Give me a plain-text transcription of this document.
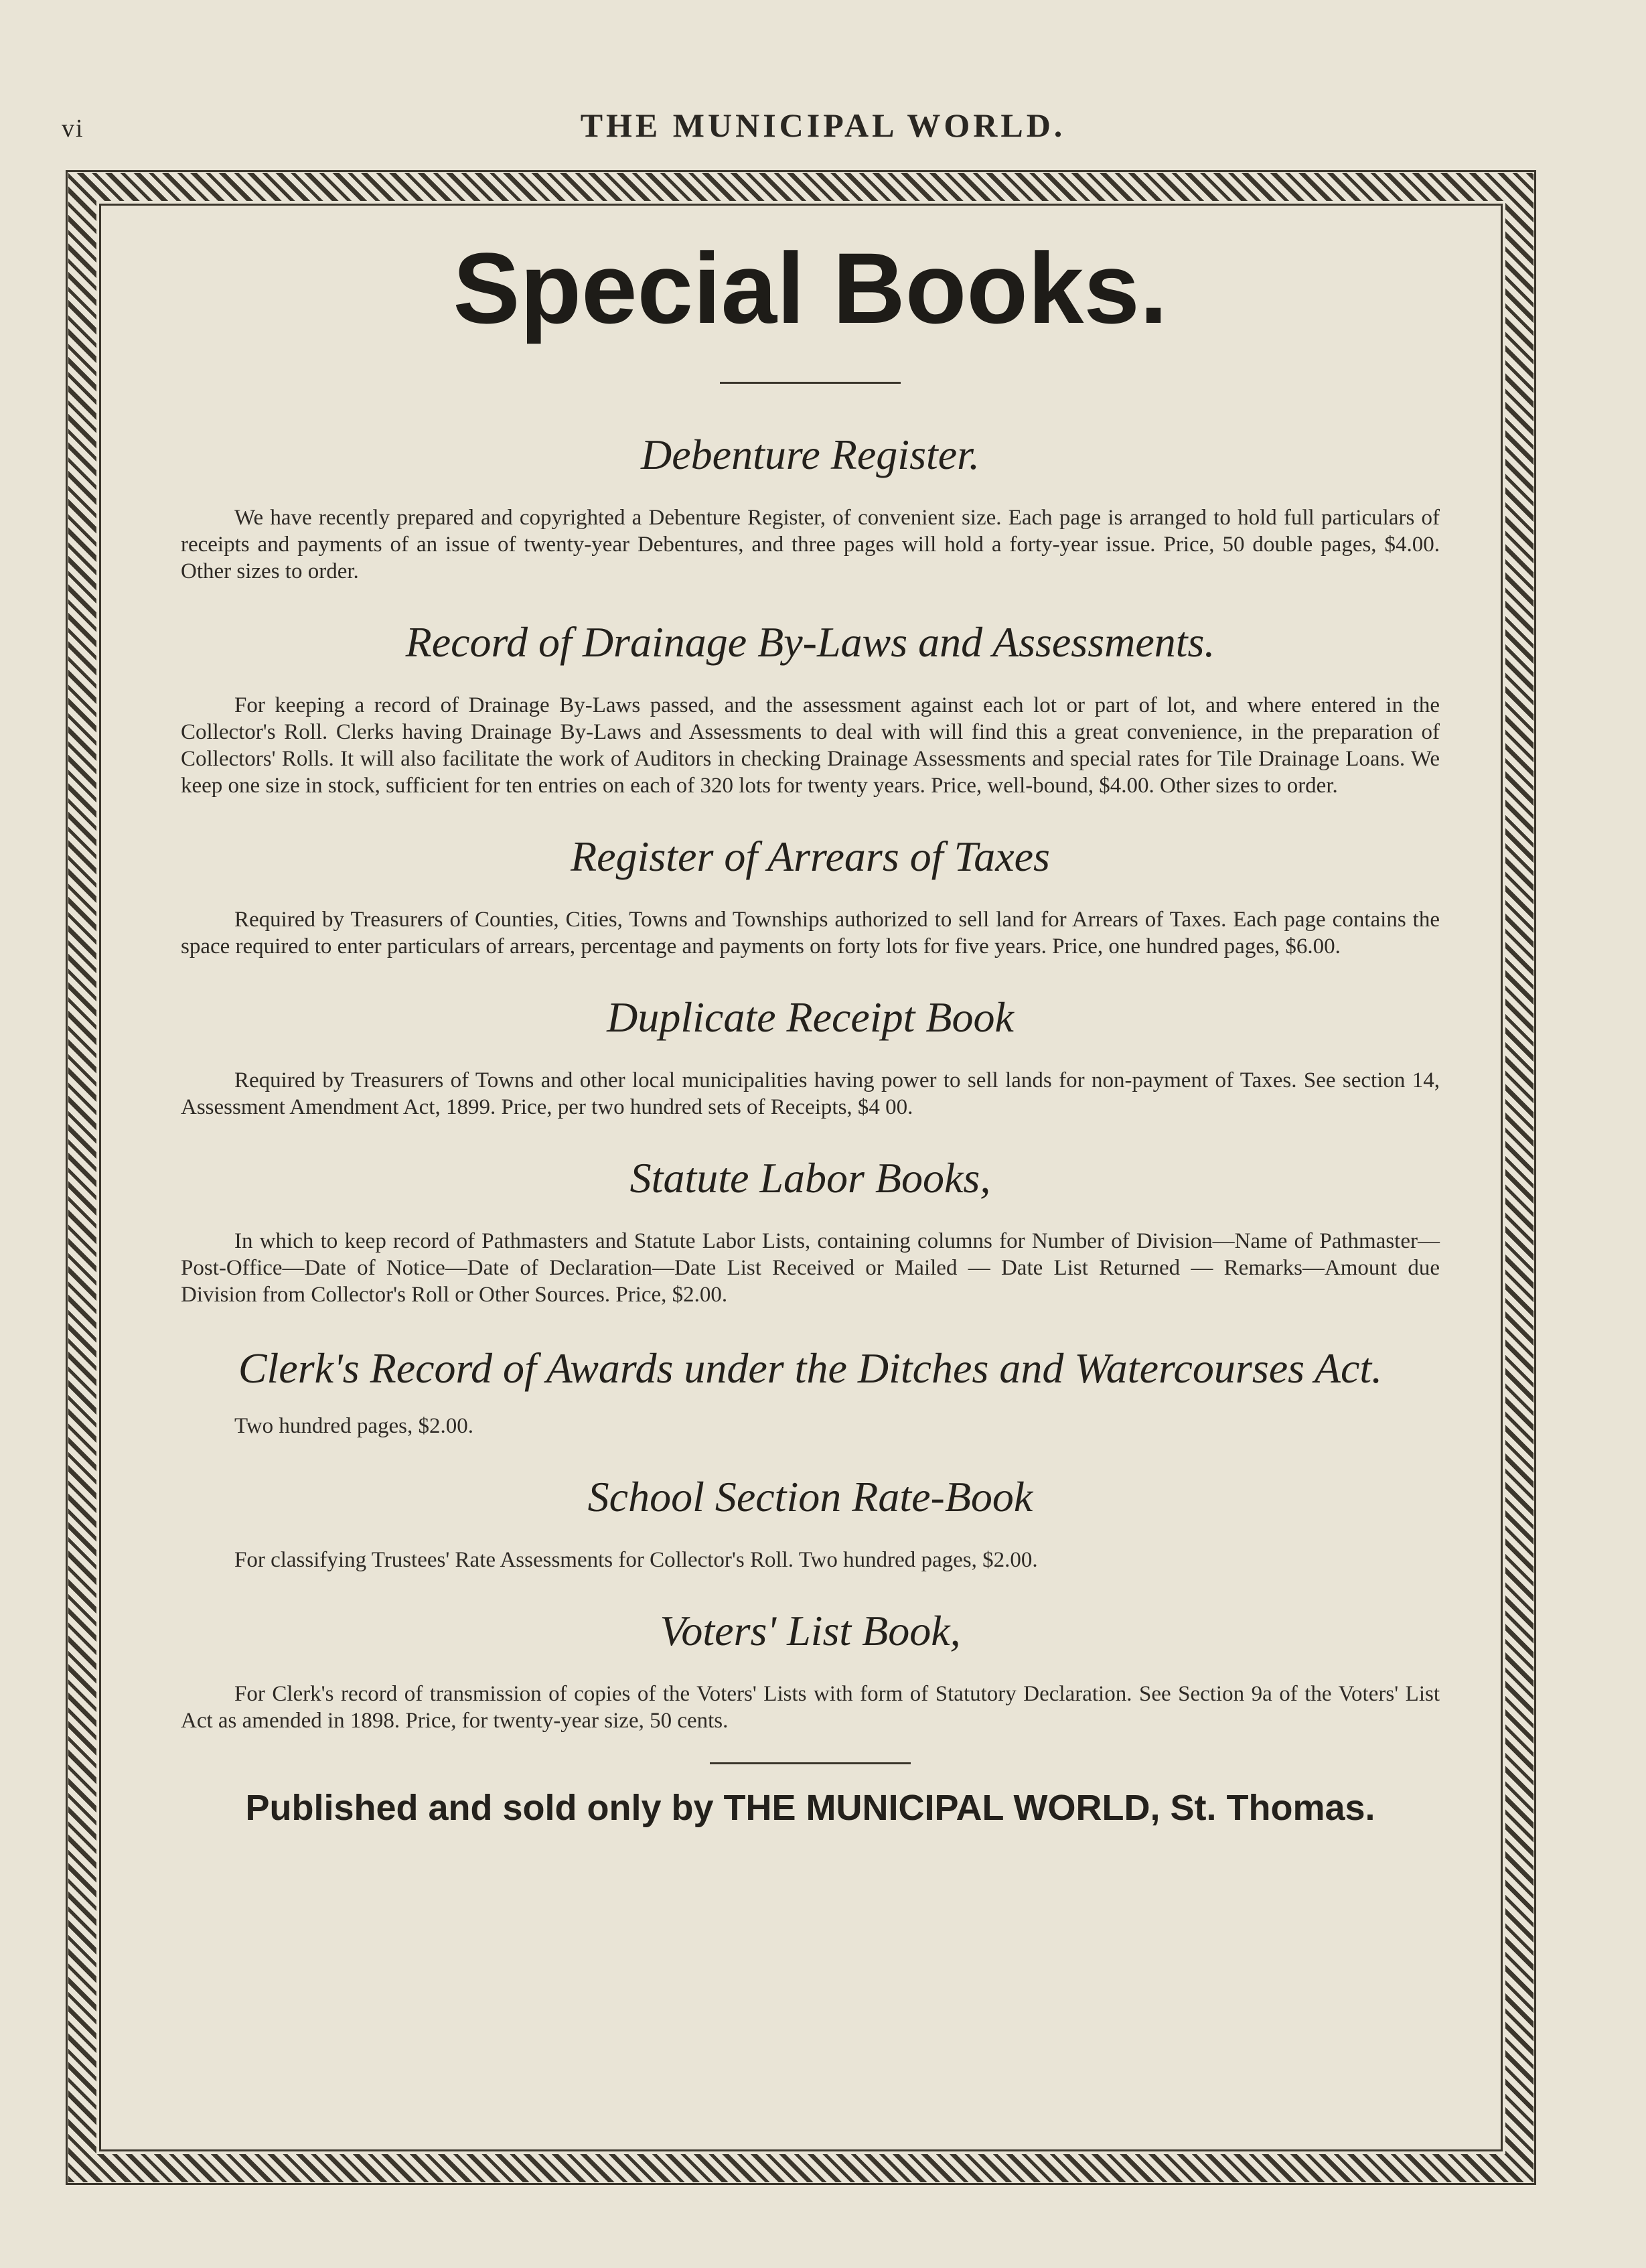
vi	THE MUNICIPAL WORLD.
Special Books.
Debenture Register.

We have recently prepared and copyrighted a Debenture Register, of convenient size. Each page is arranged to hold full particulars of receipts and payments of an issue of twenty-year Debentures, and three pages will hold a forty-year issue. Price, 50 double pages, $4.00. Other sizes to order.

Record of Drainage By-Laws and Assessments.

For keeping a record of Drainage By-Laws passed, and the assessment against each lot or part of lot, and where entered in the Collector's Roll. Clerks having Drainage By-Laws and Assessments to deal with will find this a great convenience, in the preparation of Collectors' Rolls. It will also facilitate the work of Auditors in checking Drainage Assessments and special rates for Tile Drainage Loans. We keep one size in stock, sufficient for ten entries on each of 320 lots for twenty years. Price, well-bound, $4.00. Other sizes to order.

Register of Arrears of Taxes

Required by Treasurers of Counties, Cities, Towns and Townships authorized to sell land for Arrears of Taxes. Each page contains the space required to enter particulars of arrears, percentage and payments on forty lots for five years. Price, one hundred pages, $6.00.

Duplicate Receipt Book

Required by Treasurers of Towns and other local municipalities having power to sell lands for non-payment of Taxes. See section 14, Assessment Amendment Act, 1899. Price, per two hundred sets of Receipts, $4 00.

Statute Labor Books,

In which to keep record of Pathmasters and Statute Labor Lists, containing columns for Number of Division—Name of Pathmaster—Post-Office—Date of Notice—Date of Declaration—Date List Received or Mailed — Date List Returned — Remarks—Amount due Division from Collector's Roll or Other Sources. Price, $2.00.

Clerk's Record of Awards under the Ditches and Watercourses Act.

Two hundred pages, $2.00.

School Section Rate-Book

For classifying Trustees' Rate Assessments for Collector's Roll. Two hundred pages, $2.00.

Voters' List Book,

For Clerk's record of transmission of copies of the Voters' Lists with form of Statutory Declaration. See Section 9a of the Voters' List Act as amended in 1898. Price, for twenty-year size, 50 cents.

Published and sold only by THE MUNICIPAL WORLD, St. Thomas.
